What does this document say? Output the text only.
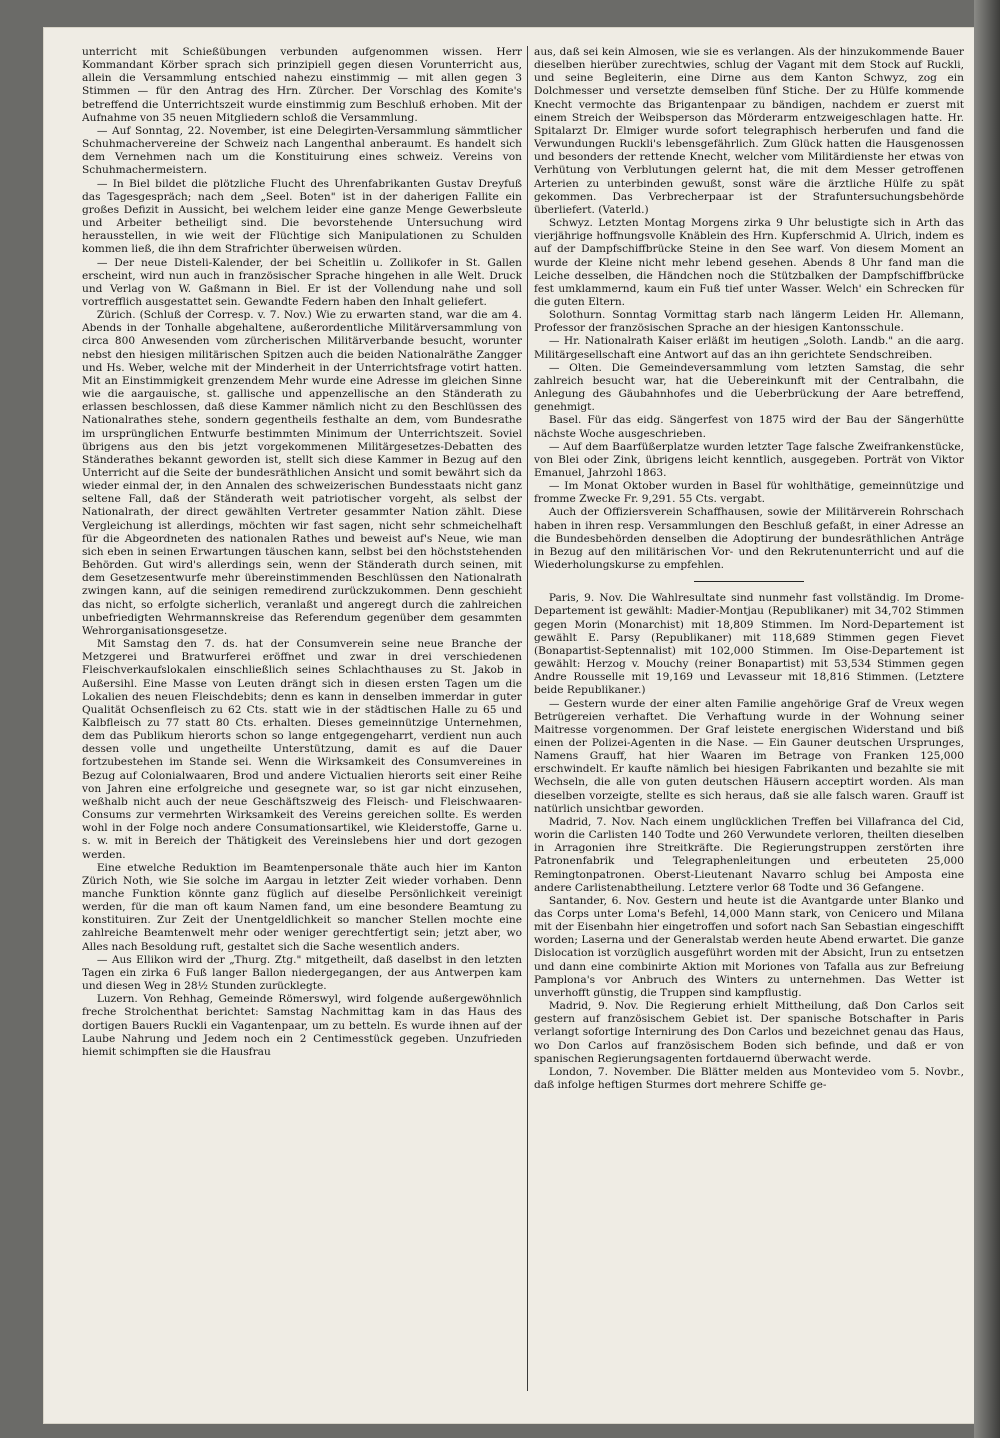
unterricht mit Schießübungen verbunden aufgenommen wissen. Herr Kommandant Körber sprach sich prinzipiell gegen diesen Vorunterricht aus, allein die Versammlung entschied nahezu einstimmig — mit allen gegen 3 Stimmen — für den Antrag des Hrn. Zürcher. Der Vorschlag des Komite's betreffend die Unterrichtszeit wurde einstimmig zum Beschluß erhoben. Mit der Aufnahme von 35 neuen Mitgliedern schloß die Versammlung.

— Auf Sonntag, 22. November, ist eine Delegirten-Versammlung sämmtlicher Schuhmachervereine der Schweiz nach Langenthal anberaumt. Es handelt sich dem Vernehmen nach um die Konstituirung eines schweiz. Vereins von Schuhmachermeistern.

— In Biel bildet die plötzliche Flucht des Uhrenfabrikanten Gustav Dreyfuß das Tagesgespräch; nach dem „Seel. Boten" ist in der daherigen Fallite ein großes Defizit in Aussicht, bei welchem leider eine ganze Menge Gewerbsleute und Arbeiter betheiligt sind. Die bevorstehende Untersuchung wird herausstellen, in wie weit der Flüchtige sich Manipulationen zu Schulden kommen ließ, die ihn dem Strafrichter überweisen würden.

— Der neue Disteli-Kalender, der bei Scheitlin u. Zollikofer in St. Gallen erscheint, wird nun auch in französischer Sprache hingehen in alle Welt. Druck und Verlag von W. Gaßmann in Biel. Er ist der Vollendung nahe und soll vortrefflich ausgestattet sein. Gewandte Federn haben den Inhalt geliefert.

Zürich. (Schluß der Corresp. v. 7. Nov.) Wie zu erwarten stand, war die am 4. Abends in der Tonhalle abgehaltene, außerordentliche Militärversammlung von circa 800 Anwesenden vom zürcherischen Militärverbande besucht, worunter nebst den hiesigen militärischen Spitzen auch die beiden Nationalräthe Zangger und Hs. Weber, welche mit der Minderheit in der Unterrichtsfrage votirt hatten. Mit an Einstimmigkeit grenzendem Mehr wurde eine Adresse im gleichen Sinne wie die aargauische, st. gallische und appenzellische an den Ständerath zu erlassen beschlossen, daß diese Kammer nämlich nicht zu den Beschlüssen des Nationalrathes stehe, sondern gegentheils festhalte an dem, vom Bundesrathe im ursprünglichen Entwurfe bestimmten Minimum der Unterrichtszeit. Soviel übrigens aus den bis jetzt vorgekommenen Militärgesetzes-Debatten des Ständerathes bekannt geworden ist, stellt sich diese Kammer in Bezug auf den Unterricht auf die Seite der bundesräthlichen Ansicht und somit bewährt sich da wieder einmal der, in den Annalen des schweizerischen Bundesstaats nicht ganz seltene Fall, daß der Ständerath weit patriotischer vorgeht, als selbst der Nationalrath, der direct gewählten Vertreter gesammter Nation zählt. Diese Vergleichung ist allerdings, möchten wir fast sagen, nicht sehr schmeichelhaft für die Abgeordneten des nationalen Rathes und beweist auf's Neue, wie man sich eben in seinen Erwartungen täuschen kann, selbst bei den höchststehenden Behörden. Gut wird's allerdings sein, wenn der Ständerath durch seinen, mit dem Gesetzesentwurfe mehr übereinstimmenden Beschlüssen den Nationalrath zwingen kann, auf die seinigen remedirend zurückzukommen. Denn geschieht das nicht, so erfolgte sicherlich, veranlaßt und angeregt durch die zahlreichen unbefriedigten Wehrmannskreise das Referendum gegenüber dem gesammten Wehrorganisationsgesetze.

Mit Samstag den 7. ds. hat der Consumverein seine neue Branche der Metzgerei und Bratwurferei eröffnet und zwar in drei verschiedenen Fleischverkaufslokalen einschließlich seines Schlachthauses zu St. Jakob in Außersihl. Eine Masse von Leuten drängt sich in diesen ersten Tagen um die Lokalien des neuen Fleischdebits; denn es kann in denselben immerdar in guter Qualität Ochsenfleisch zu 62 Cts. statt wie in der städtischen Halle zu 65 und Kalbfleisch zu 77 statt 80 Cts. erhalten. Dieses gemeinnützige Unternehmen, dem das Publikum hierorts schon so lange entgegengeharrt, verdient nun auch dessen volle und ungetheilte Unterstützung, damit es auf die Dauer fortzubestehen im Stande sei. Wenn die Wirksamkeit des Consumvereines in Bezug auf Colonialwaaren, Brod und andere Victualien hierorts seit einer Reihe von Jahren eine erfolgreiche und gesegnete war, so ist gar nicht einzusehen, weßhalb nicht auch der neue Geschäftszweig des Fleisch- und Fleischwaaren-Consums zur vermehrten Wirksamkeit des Vereins gereichen sollte. Es werden wohl in der Folge noch andere Consumationsartikel, wie Kleiderstoffe, Garne u. s. w. mit in Bereich der Thätigkeit des Vereinslebens hier und dort gezogen werden.

Eine etwelche Reduktion im Beamtenpersonale thäte auch hier im Kanton Zürich Noth, wie Sie solche im Aargau in letzter Zeit wieder vorhaben. Denn manche Funktion könnte ganz füglich auf dieselbe Persönlichkeit vereinigt werden, für die man oft kaum Namen fand, um eine besondere Beamtung zu konstituiren. Zur Zeit der Unentgeldlichkeit so mancher Stellen mochte eine zahlreiche Beamtenwelt mehr oder weniger gerechtfertigt sein; jetzt aber, wo Alles nach Besoldung ruft, gestaltet sich die Sache wesentlich anders.

— Aus Ellikon wird der „Thurg. Ztg." mitgetheilt, daß daselbst in den letzten Tagen ein zirka 6 Fuß langer Ballon niedergegangen, der aus Antwerpen kam und diesen Weg in 28½ Stunden zurücklegte.

Luzern. Von Rehhag, Gemeinde Römerswyl, wird folgende außergewöhnlich freche Strolchenthat berichtet: Samstag Nachmittag kam in das Haus des dortigen Bauers Ruckli ein Vagantenpaar, um zu betteln. Es wurde ihnen auf der Laube Nahrung und Jedem noch ein 2 Centimesstück gegeben. Unzufrieden hiemit schimpften sie die Hausfrau

aus, daß sei kein Almosen, wie sie es verlangen. Als der hinzukommende Bauer dieselben hierüber zurechtwies, schlug der Vagant mit dem Stock auf Ruckli, und seine Begleiterin, eine Dirne aus dem Kanton Schwyz, zog ein Dolchmesser und versetzte demselben fünf Stiche. Der zu Hülfe kommende Knecht vermochte das Brigantenpaar zu bändigen, nachdem er zuerst mit einem Streich der Weibsperson das Mörderarm entzweigeschlagen hatte. Hr. Spitalarzt Dr. Elmiger wurde sofort telegraphisch herberufen und fand die Verwundungen Ruckli's lebensgefährlich. Zum Glück hatten die Hausgenossen und besonders der rettende Knecht, welcher vom Militärdienste her etwas von Verhütung von Verblutungen gelernt hat, die mit dem Messer getroffenen Arterien zu unterbinden gewußt, sonst wäre die ärztliche Hülfe zu spät gekommen. Das Verbrecherpaar ist der Strafuntersuchungsbehörde überliefert. (Vaterld.)

Schwyz. Letzten Montag Morgens zirka 9 Uhr belustigte sich in Arth das vierjährige hoffnungsvolle Knäblein des Hrn. Kupferschmid A. Ulrich, indem es auf der Dampfschiffbrücke Steine in den See warf. Von diesem Moment an wurde der Kleine nicht mehr lebend gesehen. Abends 8 Uhr fand man die Leiche desselben, die Händchen noch die Stützbalken der Dampfschiffbrücke fest umklammernd, kaum ein Fuß tief unter Wasser. Welch' ein Schrecken für die guten Eltern.

Solothurn. Sonntag Vormittag starb nach längerm Leiden Hr. Allemann, Professor der französischen Sprache an der hiesigen Kantonsschule.

— Hr. Nationalrath Kaiser erläßt im heutigen „Soloth. Landb." an die aarg. Militärgesellschaft eine Antwort auf das an ihn gerichtete Sendschreiben.

— Olten. Die Gemeindeversammlung vom letzten Samstag, die sehr zahlreich besucht war, hat die Uebereinkunft mit der Centralbahn, die Anlegung des Gäubahnhofes und die Ueberbrückung der Aare betreffend, genehmigt.

Basel. Für das eidg. Sängerfest von 1875 wird der Bau der Sängerhütte nächste Woche ausgeschrieben.

— Auf dem Baarfüßerplatze wurden letzter Tage falsche Zweifrankenstücke, von Blei oder Zink, übrigens leicht kenntlich, ausgegeben. Porträt von Viktor Emanuel, Jahrzohl 1863.

— Im Monat Oktober wurden in Basel für wohlthätige, gemeinnützige und fromme Zwecke Fr. 9,291. 55 Cts. vergabt.

Auch der Offiziersverein Schaffhausen, sowie der Militärverein Rohrschach haben in ihren resp. Versammlungen den Beschluß gefaßt, in einer Adresse an die Bundesbehörden denselben die Adoptirung der bundesräthlichen Anträge in Bezug auf den militärischen Vor- und den Rekrutenunterricht und auf die Wiederholungskurse zu empfehlen.

Paris, 9. Nov. Die Wahlresultate sind nunmehr fast vollständig. Im Drome-Departement ist gewählt: Madier-Montjau (Republikaner) mit 34,702 Stimmen gegen Morin (Monarchist) mit 18,809 Stimmen. Im Nord-Departement ist gewählt E. Parsy (Republikaner) mit 118,689 Stimmen gegen Fievet (Bonapartist-Septennalist) mit 102,000 Stimmen. Im Oise-Departement ist gewählt: Herzog v. Mouchy (reiner Bonapartist) mit 53,534 Stimmen gegen Andre Rousselle mit 19,169 und Levasseur mit 18,816 Stimmen. (Letztere beide Republikaner.)

— Gestern wurde der einer alten Familie angehörige Graf de Vreux wegen Betrügereien verhaftet. Die Verhaftung wurde in der Wohnung seiner Maitresse vorgenommen. Der Graf leistete energischen Widerstand und biß einen der Polizei-Agenten in die Nase. — Ein Gauner deutschen Ursprunges, Namens Grauff, hat hier Waaren im Betrage von Franken 125,000 erschwindelt. Er kaufte nämlich bei hiesigen Fabrikanten und bezahlte sie mit Wechseln, die alle von guten deutschen Häusern acceptirt worden. Als man dieselben vorzeigte, stellte es sich heraus, daß sie alle falsch waren. Grauff ist natürlich unsichtbar geworden.

Madrid, 7. Nov. Nach einem unglücklichen Treffen bei Villafranca del Cid, worin die Carlisten 140 Todte und 260 Verwundete verloren, theilten dieselben in Arragonien ihre Streitkräfte. Die Regierungstruppen zerstörten ihre Patronenfabrik und Telegraphenleitungen und erbeuteten 25,000 Remingtonpatronen. Oberst-Lieutenant Navarro schlug bei Amposta eine andere Carlistenabtheilung. Letztere verlor 68 Todte und 36 Gefangene.

Santander, 6. Nov. Gestern und heute ist die Avantgarde unter Blanko und das Corps unter Loma's Befehl, 14,000 Mann stark, von Cenicero und Milana mit der Eisenbahn hier eingetroffen und sofort nach San Sebastian eingeschifft worden; Laserna und der Generalstab werden heute Abend erwartet. Die ganze Dislocation ist vorzüglich ausgeführt worden mit der Absicht, Irun zu entsetzen und dann eine combinirte Aktion mit Moriones von Tafalla aus zur Befreiung Pamplona's vor Anbruch des Winters zu unternehmen. Das Wetter ist unverhofft günstig, die Truppen sind kampflustig.

Madrid, 9. Nov. Die Regierung erhielt Mittheilung, daß Don Carlos seit gestern auf französischem Gebiet ist. Der spanische Botschafter in Paris verlangt sofortige Internirung des Don Carlos und bezeichnet genau das Haus, wo Don Carlos auf französischem Boden sich befinde, und daß er von spanischen Regierungsagenten fortdauernd überwacht werde.

London, 7. November. Die Blätter melden aus Montevideo vom 5. Novbr., daß infolge heftigen Sturmes dort mehrere Schiffe ge-
